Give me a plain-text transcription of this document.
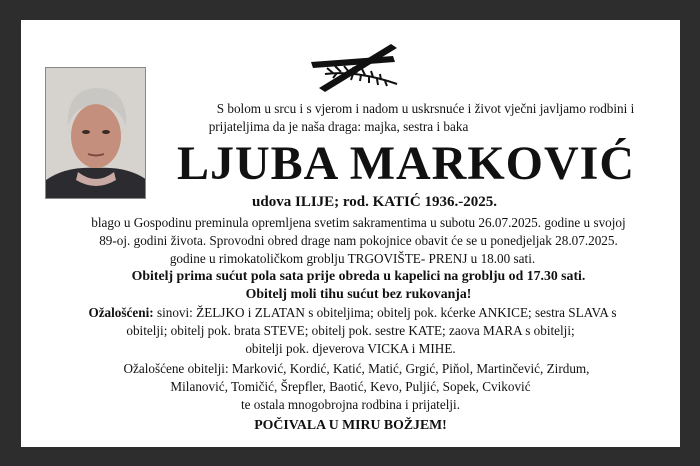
S bolom u srcu i s vjerom i nadom u uskrsnuće i život vječni javljamo rodbini i
prijateljima da je naša draga: majka, sestra i baka
LJUBA MARKOVIĆ
udova ILIJE; rod. KATIĆ 1936.-2025.
blago u Gospodinu preminula opremljena svetim sakramentima u subotu 26.07.2025. godine u svojoj
89-oj. godini života. Sprovodni obred drage nam pokojnice obavit će se u ponedjeljak 28.07.2025.
godine u rimokatoličkom groblju TRGOVIŠTE- PRENJ u 18.00 sati.
Obitelj prima sućut pola sata prije obreda u kapelici na groblju od 17.30 sati.
Obitelj moli tihu sućut bez rukovanja!
Ožalošćeni: sinovi: ŽELJKO i ZLATAN s obiteljima; obitelj pok. kćerke ANKICE; sestra SLAVA s
obitelji; obitelj pok. brata STEVE; obitelj pok. sestre KATE; zaova MARA s obitelji;
obitelji pok. djeverova VICKA i MIHE.
Ožalošćene obitelji: Marković, Kordić, Katić, Matić, Grgić, Piňol, Martinčević, Zirdum,
Milanović, Tomičić, Šrepfler, Baotić, Kevo, Puljić, Sopek, Cviković
te ostala mnogobrojna rodbina i prijatelji.
POČIVALA U MIRU BOŽJEM!
